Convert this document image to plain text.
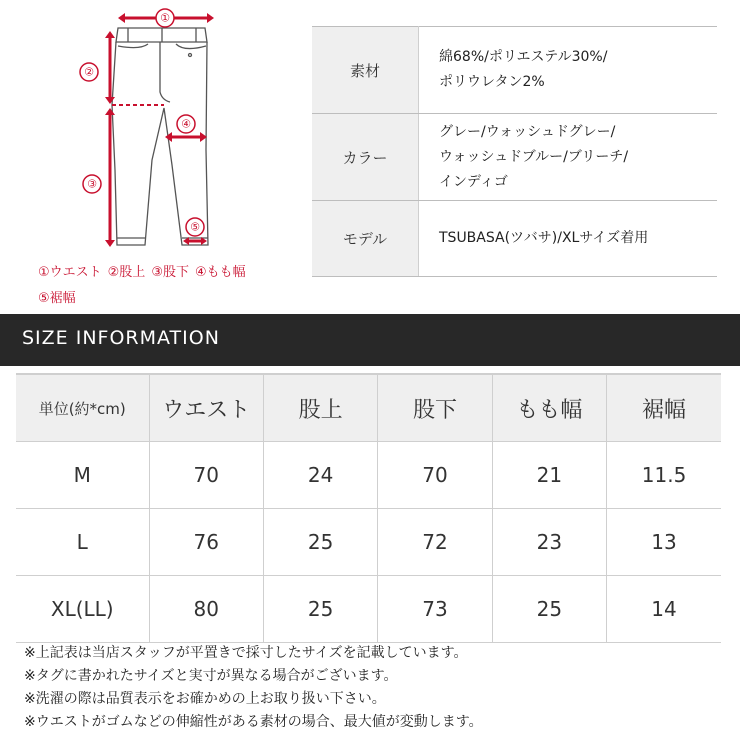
①
②
③
④
⑤
①ウエスト ②股上 ③股下 ④もも幅
⑤裾幅
素材	綿68%/ポリエステル30%/
ポリウレタン2%

カラー	グレー/ウォッシュドグレー/
ウォッシュドブルー/ブリーチ/
インディゴ

モデル	TSUBASA(ツバサ)/XLサイズ着用
SIZE INFORMATION
単位(約*cm)	ウエスト	股上	股下	もも幅	裾幅
M	70	24	70	21	11.5
L	76	25	72	23	13
XL(LL)	80	25	73	25	14
※上記表は当店スタッフが平置きで採寸したサイズを記載しています。
※タグに書かれたサイズと実寸が異なる場合がございます。
※洗濯の際は品質表示をお確かめの上お取り扱い下さい。
※ウエストがゴムなどの伸縮性がある素材の場合、最大値が変動します。
